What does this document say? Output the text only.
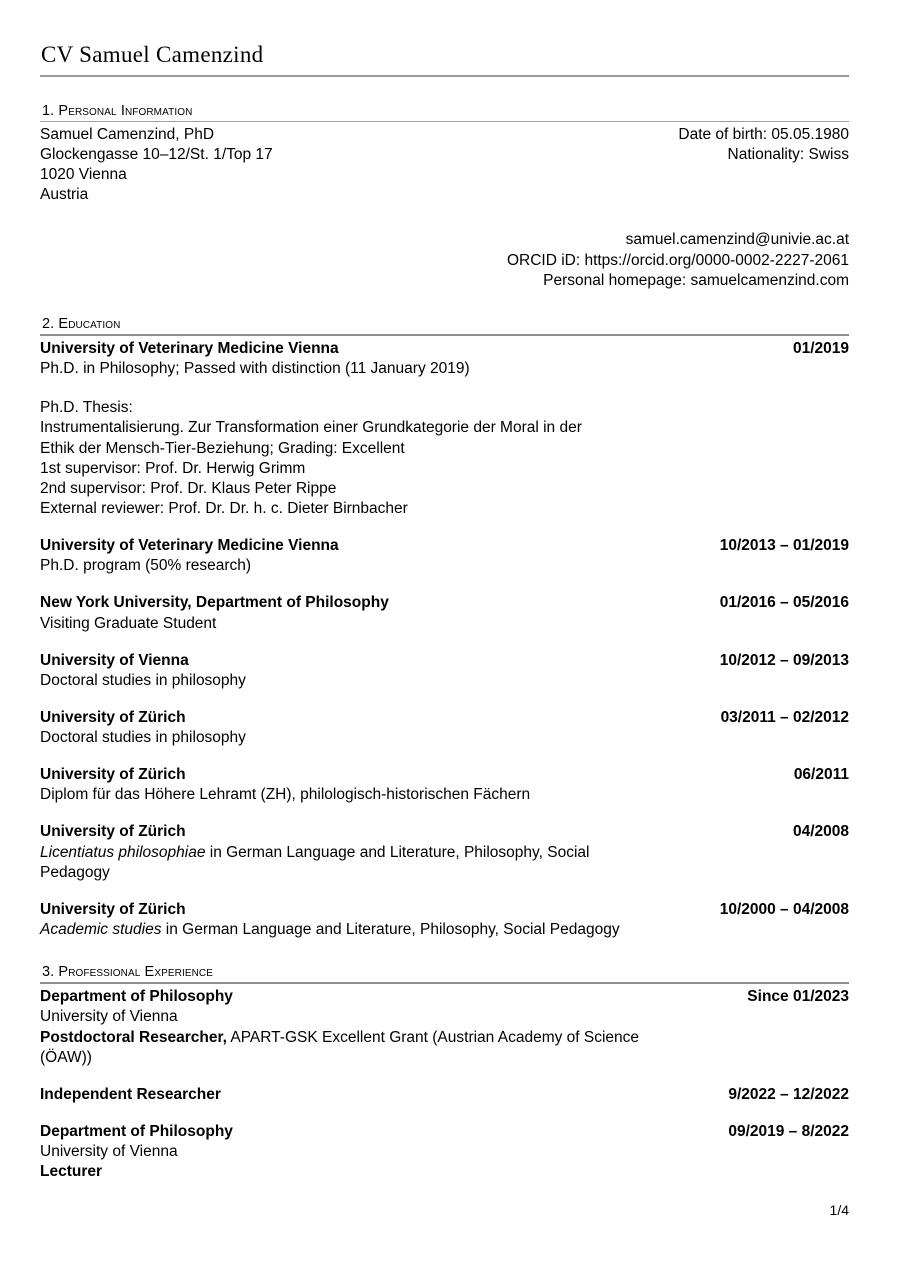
CV Samuel Camenzind
1. Personal Information
Samuel Camenzind, PhD
Glockengasse 10–12/St. 1/Top 17
1020 Vienna
Austria
Date of birth: 05.05.1980
Nationality: Swiss
samuel.camenzind@univie.ac.at
ORCID iD: https://orcid.org/0000-0002-2227-2061
Personal homepage: samuelcamenzind.com
2. Education
University of Veterinary Medicine Vienna	01/2019
Ph.D. in Philosophy; Passed with distinction (11 January 2019)
Ph.D. Thesis:
Instrumentalisierung. Zur Transformation einer Grundkategorie der Moral in der
Ethik der Mensch-Tier-Beziehung; Grading: Excellent
1st supervisor: Prof. Dr. Herwig Grimm
2nd supervisor: Prof. Dr. Klaus Peter Rippe
External reviewer: Prof. Dr. Dr. h. c. Dieter Birnbacher
University of Veterinary Medicine Vienna	10/2013 – 01/2019
Ph.D. program (50% research)
New York University, Department of Philosophy	01/2016 – 05/2016
Visiting Graduate Student
University of Vienna	10/2012 – 09/2013
Doctoral studies in philosophy
University of Zürich	03/2011 – 02/2012
Doctoral studies in philosophy
University of Zürich	06/2011
Diplom für das Höhere Lehramt (ZH), philologisch-historischen Fächern
University of Zürich	04/2008
Licentiatus philosophiae in German Language and Literature, Philosophy, Social Pedagogy
University of Zürich	10/2000 – 04/2008
Academic studies in German Language and Literature, Philosophy, Social Pedagogy
3. Professional Experience
Department of Philosophy	Since 01/2023
University of Vienna
Postdoctoral Researcher, APART-GSK Excellent Grant (Austrian Academy of Science (ÖAW))
Independent Researcher	9/2022 – 12/2022
Department of Philosophy	09/2019 – 8/2022
University of Vienna
Lecturer
1/4
